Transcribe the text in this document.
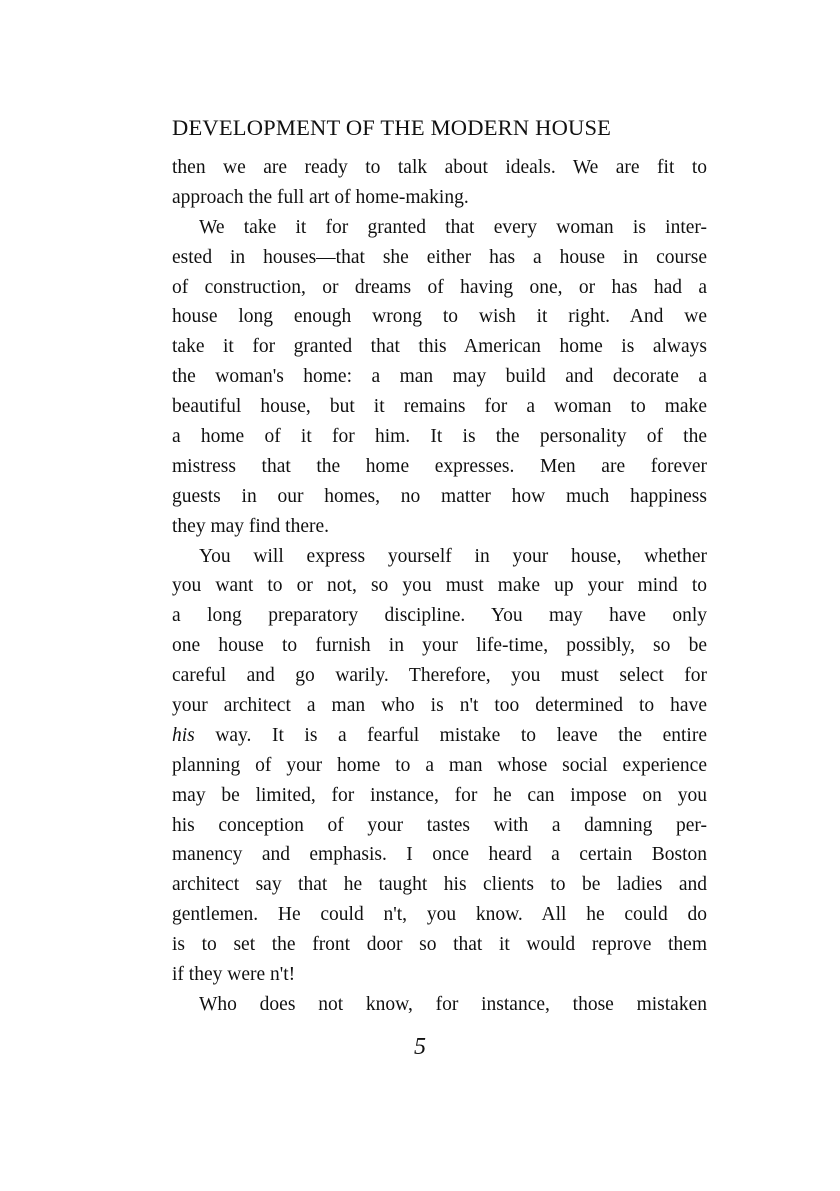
DEVELOPMENT OF THE MODERN HOUSE
then we are ready to talk about ideals. We are fit to
approach the full art of home-making.
We take it for granted that every woman is inter-
ested in houses—that she either has a house in course
of construction, or dreams of having one, or has had a
house long enough wrong to wish it right. And we
take it for granted that this American home is always
the woman's home: a man may build and decorate a
beautiful house, but it remains for a woman to make
a home of it for him. It is the personality of the
mistress that the home expresses. Men are forever
guests in our homes, no matter how much happiness
they may find there.
You will express yourself in your house, whether
you want to or not, so you must make up your mind to
a long preparatory discipline. You may have only
one house to furnish in your life-time, possibly, so be
careful and go warily. Therefore, you must select for
your architect a man who is n't too determined to have
his way. It is a fearful mistake to leave the entire
planning of your home to a man whose social experience
may be limited, for instance, for he can impose on you
his conception of your tastes with a damning per-
manency and emphasis. I once heard a certain Boston
architect say that he taught his clients to be ladies and
gentlemen. He could n't, you know. All he could do
is to set the front door so that it would reprove them
if they were n't!
Who does not know, for instance, those mistaken
5
